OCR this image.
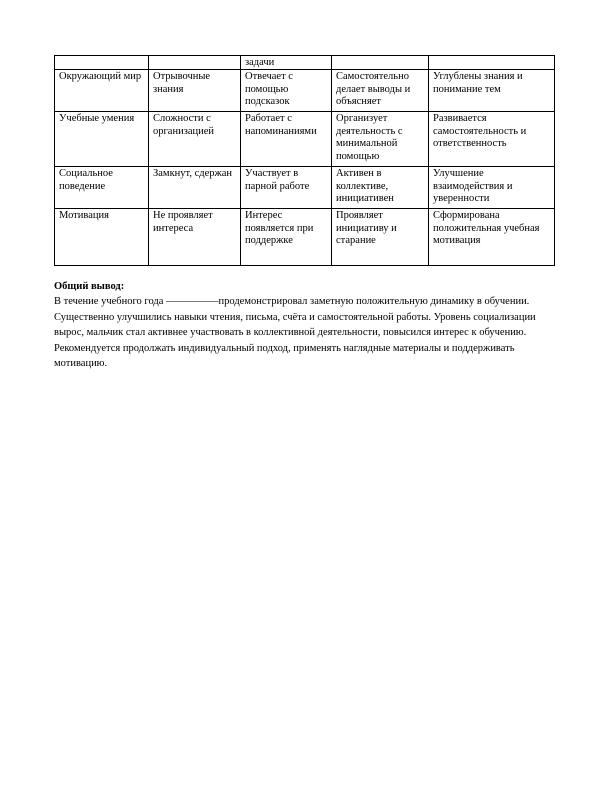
		задачи		
Окружающий мир	Отрывочные знания	Отвечает с помощью подсказок	Самостоятельно делает выводы и объясняет	Углублены знания и понимание тем
Учебные умения	Сложности с организацией	Работает с напоминаниями	Организует деятельность с минимальной помощью	Развивается самостоятельность и ответственность
Социальное поведение	Замкнут, сдержан	Участвует в парной работе	Активен в коллективе, инициативен	Улучшение взаимодействия и уверенности
Мотивация	Не проявляет интереса	Интерес появляется при поддержке	Проявляет инициативу и старание	Сформирована положительная учебная мотивация
Общий вывод:

В течение учебного года —————продемонстрировал заметную положительную динамику в обучении. Существенно улучшились навыки чтения, письма, счёта и самостоятельной работы. Уровень социализации вырос, мальчик стал активнее участвовать в коллективной деятельности, повысился интерес к обучению. Рекомендуется продолжать индивидуальный подход, применять наглядные материалы и поддерживать мотивацию.
